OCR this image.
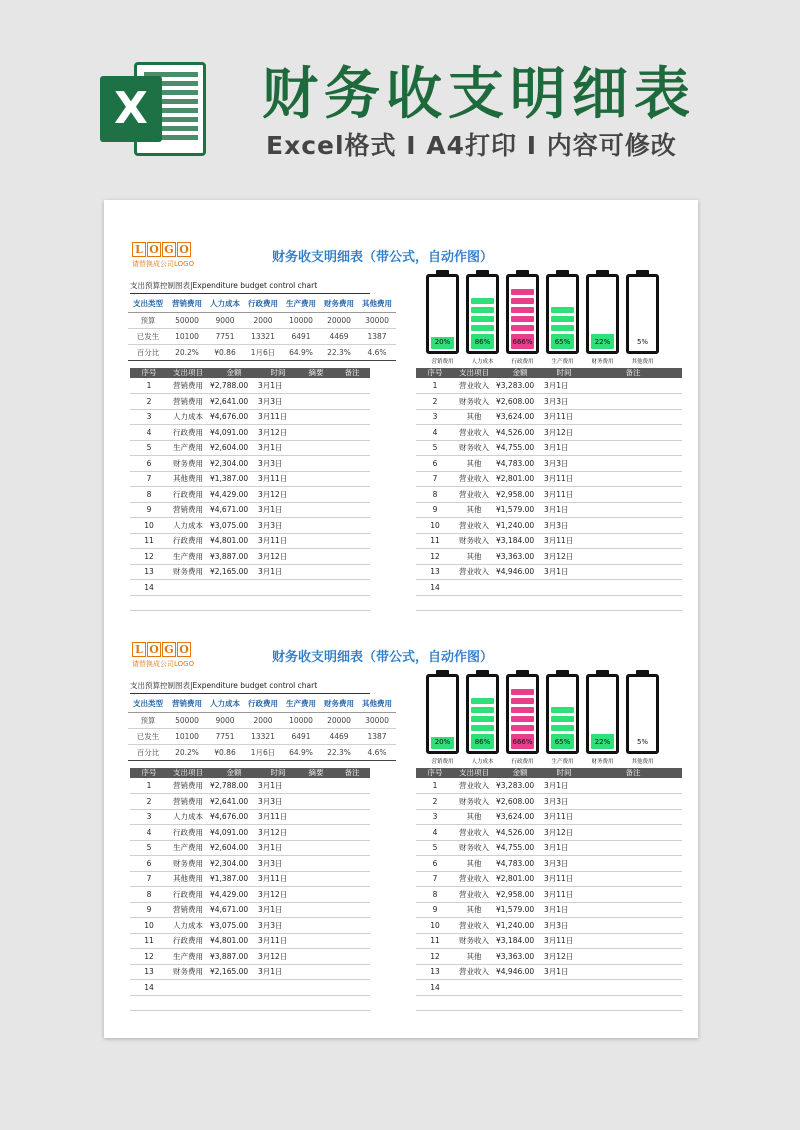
X 财务收支明细表
Excel格式 I A4打印 I 内容可修改
L O G O
请替换成公司LOGO	财务收支明细表（带公式，自动作图）
支出预算控制图表|Expenditure budget control chart
支出类型	营销费用	人力成本	行政费用	生产费用	财务费用	其他费用
预算	50000	9000	2000	10000	20000	30000
已发生	10100	7751	13321	6491	4469	1387
百分比	20.2%	¥0.86	1月6日	64.9%	22.3%	4.6%
20%
营销费用
86%
人力成本
666%
行政费用
65%
生产费用
22%
财务费用
5%
其他费用
序号	支出项目	金额	时间	摘要	备注
1	营销费用	¥2,788.00	3月1日		
2	营销费用	¥2,641.00	3月3日		
3	人力成本	¥4,676.00	3月11日		
4	行政费用	¥4,091.00	3月12日		
5	生产费用	¥2,604.00	3月1日		
6	财务费用	¥2,304.00	3月3日		
7	其他费用	¥1,387.00	3月11日		
8	行政费用	¥4,429.00	3月12日		
9	营销费用	¥4,671.00	3月1日		
10	人力成本	¥3,075.00	3月3日		
11	行政费用	¥4,801.00	3月11日		
12	生产费用	¥3,887.00	3月12日		
13	财务费用	¥2,165.00	3月1日		
14					

序号	支出项目	金额	时间	备注
1	营业收入	¥3,283.00	3月1日	
2	财务收入	¥2,608.00	3月3日	
3	其他	¥3,624.00	3月11日	
4	营业收入	¥4,526.00	3月12日	
5	财务收入	¥4,755.00	3月1日	
6	其他	¥4,783.00	3月3日	
7	营业收入	¥2,801.00	3月11日	
8	营业收入	¥2,958.00	3月11日	
9	其他	¥1,579.00	3月1日	
10	营业收入	¥1,240.00	3月3日	
11	财务收入	¥3,184.00	3月11日	
12	其他	¥3,363.00	3月12日	
13	营业收入	¥4,946.00	3月1日	
14				

L O G O
请替换成公司LOGO	财务收支明细表（带公式，自动作图）
支出预算控制图表|Expenditure budget control chart
支出类型	营销费用	人力成本	行政费用	生产费用	财务费用	其他费用
预算	50000	9000	2000	10000	20000	30000
已发生	10100	7751	13321	6491	4469	1387
百分比	20.2%	¥0.86	1月6日	64.9%	22.3%	4.6%
20%
营销费用
86%
人力成本
666%
行政费用
65%
生产费用
22%
财务费用
5%
其他费用
序号	支出项目	金额	时间	摘要	备注
1	营销费用	¥2,788.00	3月1日		
2	营销费用	¥2,641.00	3月3日		
3	人力成本	¥4,676.00	3月11日		
4	行政费用	¥4,091.00	3月12日		
5	生产费用	¥2,604.00	3月1日		
6	财务费用	¥2,304.00	3月3日		
7	其他费用	¥1,387.00	3月11日		
8	行政费用	¥4,429.00	3月12日		
9	营销费用	¥4,671.00	3月1日		
10	人力成本	¥3,075.00	3月3日		
11	行政费用	¥4,801.00	3月11日		
12	生产费用	¥3,887.00	3月12日		
13	财务费用	¥2,165.00	3月1日		
14					

序号	支出项目	金额	时间	备注
1	营业收入	¥3,283.00	3月1日	
2	财务收入	¥2,608.00	3月3日	
3	其他	¥3,624.00	3月11日	
4	营业收入	¥4,526.00	3月12日	
5	财务收入	¥4,755.00	3月1日	
6	其他	¥4,783.00	3月3日	
7	营业收入	¥2,801.00	3月11日	
8	营业收入	¥2,958.00	3月11日	
9	其他	¥1,579.00	3月1日	
10	营业收入	¥1,240.00	3月3日	
11	财务收入	¥3,184.00	3月11日	
12	其他	¥3,363.00	3月12日	
13	营业收入	¥4,946.00	3月1日	
14				
